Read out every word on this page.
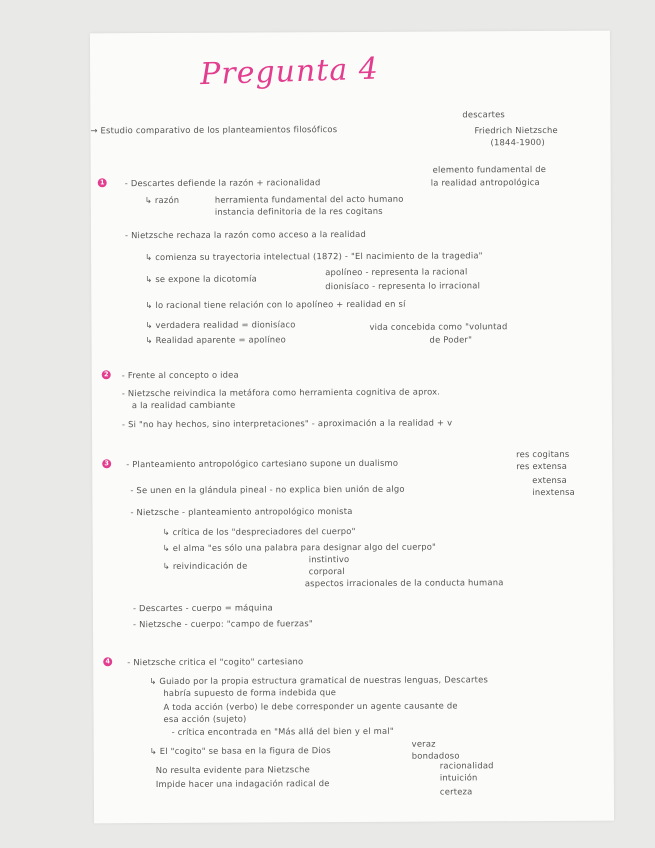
Pregunta 4
1
2
3
4
descartes
→ Estudio comparativo de los planteamientos filosóficos	Friedrich Nietzsche
(1844-1900)
elemento fundamental de
- Descartes defiende la razón + racionalidad	la realidad antropológica
↳ razón	herramienta fundamental del acto humano
instancia definitoria de la res cogitans
- Nietzsche rechaza la razón como acceso a la realidad
↳ comienza su trayectoria intelectual (1872) - "El nacimiento de la tragedia"
apolíneo - representa la racional
↳ se expone la dicotomía
dionisíaco - representa lo irracional
↳ lo racional tiene relación con lo apolíneo + realidad en sí
↳ verdadera realidad = dionisíaco	vida concebida como "voluntad
↳ Realidad aparente = apolíneo	de Poder"
- Frente al concepto o idea
- Nietzsche reivindica la metáfora como herramienta cognitiva de aprox.
a la realidad cambiante
- Si "no hay hechos, sino interpretaciones" - aproximación a la realidad + v
res cogitans
- Planteamiento antropológico cartesiano supone un dualismo	res extensa
extensa
- Se unen en la glándula pineal - no explica bien unión de algo	inextensa
- Nietzsche - planteamiento antropológico monista
↳ crítica de los "despreciadores del cuerpo"
↳ el alma "es sólo una palabra para designar algo del cuerpo"
↳ reivindicación de
instintivo
corporal
aspectos irracionales de la conducta humana
- Descartes - cuerpo = máquina
- Nietzsche - cuerpo: "campo de fuerzas"
- Nietzsche critica el "cogito" cartesiano
↳ Guiado por la propia estructura gramatical de nuestras lenguas, Descartes
habría supuesto de forma indebida que
A toda acción (verbo) le debe corresponder un agente causante de
esa acción (sujeto)
- crítica encontrada en "Más allá del bien y el mal"
↳ El "cogito" se basa en la figura de Dios
veraz
bondadoso
racionalidad
No resulta evidente para Nietzsche
intuición
Impide hacer una indagación radical de
certeza
